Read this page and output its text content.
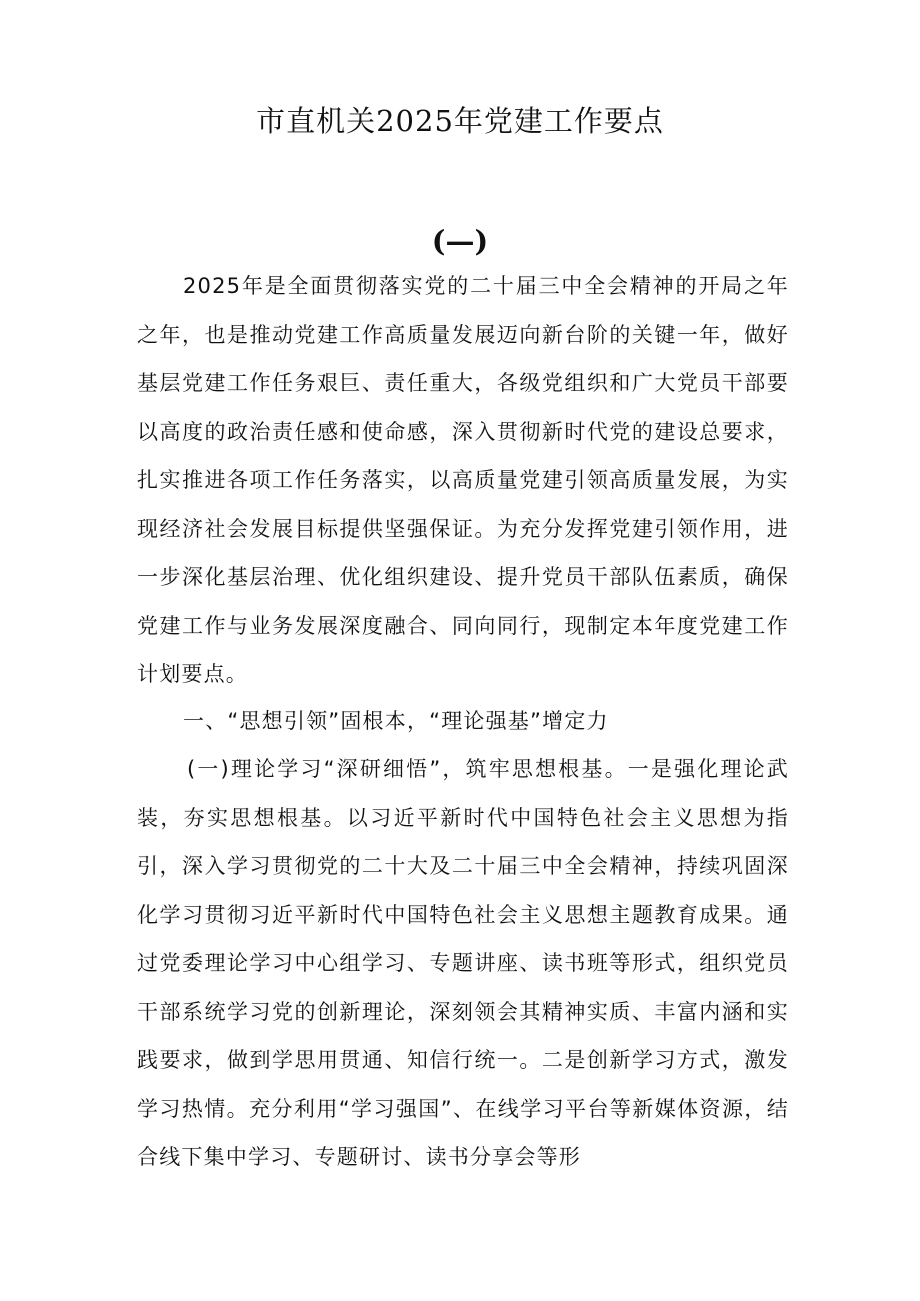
市直机关2025年党建工作要点
(—)

2025年是全面贯彻落实党的二十届三中全会精神的开局之年之年，也是推动党建工作高质量发展迈向新台阶的关键一年，做好基层党建工作任务艰巨、责任重大，各级党组织和广大党员干部要以高度的政治责任感和使命感，深入贯彻新时代党的建设总要求，扎实推进各项工作任务落实，以高质量党建引领高质量发展，为实现经济社会发展目标提供坚强保证。为充分发挥党建引领作用，进一步深化基层治理、优化组织建设、提升党员干部队伍素质，确保党建工作与业务发展深度融合、同向同行，现制定本年度党建工作计划要点。

一、“思想引领”固根本，“理论强基”增定力

(一)理论学习“深研细悟”，筑牢思想根基。一是强化理论武装，夯实思想根基。以习近平新时代中国特色社会主义思想为指引，深入学习贯彻党的二十大及二十届三中全会精神，持续巩固深化学习贯彻习近平新时代中国特色社会主义思想主题教育成果。通过党委理论学习中心组学习、专题讲座、读书班等形式，组织党员干部系统学习党的创新理论，深刻领会其精神实质、丰富内涵和实践要求，做到学思用贯通、知信行统一。二是创新学习方式，激发学习热情。充分利用“学习强国”、在线学习平台等新媒体资源，结合线下集中学习、专题研讨、读书分享会等形
